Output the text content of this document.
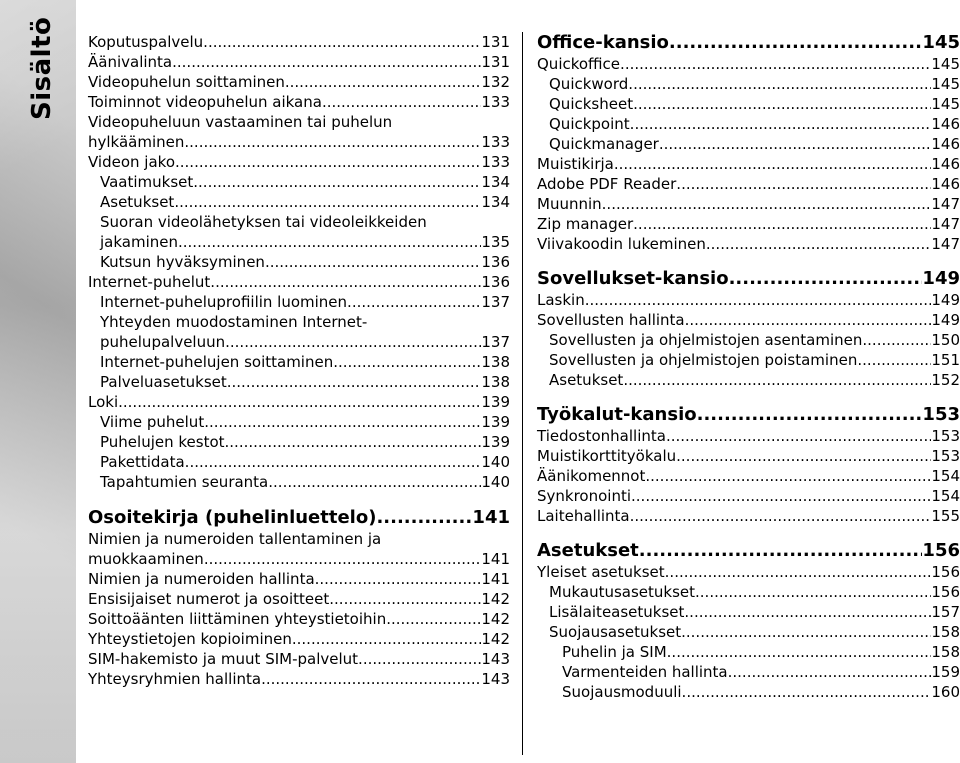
Sisältö Koputuspalvelu .....	131
Äänivalinta .....	131
Videopuhelun soittaminen .....	132
Toiminnot videopuhelun aikana .....	133
Videopuheluun vastaaminen tai puhelun
hylkääminen .....	133
Videon jako .....	133
Vaatimukset .....	134
Asetukset .....	134
Suoran videolähetyksen tai videoleikkeiden
jakaminen .....	135
Kutsun hyväksyminen .....	136
Internet-puhelut .....	136
Internet-puheluprofiilin luominen .....	137
Yhteyden muodostaminen Internet-
puhelupalveluun .....	137
Internet-puhelujen soittaminen .....	138
Palveluasetukset .....	138
Loki .....	139
Viime puhelut .....	139
Puhelujen kestot .....	139
Pakettidata .....	140
Tapahtumien seuranta .....	140
Osoitekirja (puhelinluettelo) .....	141
Nimien ja numeroiden tallentaminen ja
muokkaaminen .....	141
Nimien ja numeroiden hallinta .....	141
Ensisijaiset numerot ja osoitteet .....	142
Soittoäänten liittäminen yhteystietoihin .....	142
Yhteystietojen kopioiminen .....	142
SIM-hakemisto ja muut SIM-palvelut .....	143
Yhteysryhmien hallinta .....	143
Office-kansio .....	145
Quickoffice .....	145
Quickword .....	145
Quicksheet .....	145
Quickpoint .....	146
Quickmanager .....	146
Muistikirja .....	146
Adobe PDF Reader .....	146
Muunnin .....	147
Zip manager .....	147
Viivakoodin lukeminen .....	147
Sovellukset-kansio .....	149
Laskin .....	149
Sovellusten hallinta .....	149
Sovellusten ja ohjelmistojen asentaminen .....	150
Sovellusten ja ohjelmistojen poistaminen .....	151
Asetukset .....	152
Työkalut-kansio .....	153
Tiedostonhallinta .....	153
Muistikorttityökalu .....	153
Äänikomennot .....	154
Synkronointi .....	154
Laitehallinta .....	155
Asetukset .....	156
Yleiset asetukset .....	156
Mukautusasetukset .....	156
Lisälaiteasetukset .....	157
Suojausasetukset .....	158
Puhelin ja SIM .....	158
Varmenteiden hallinta .....	159
Suojausmoduuli .....	160
